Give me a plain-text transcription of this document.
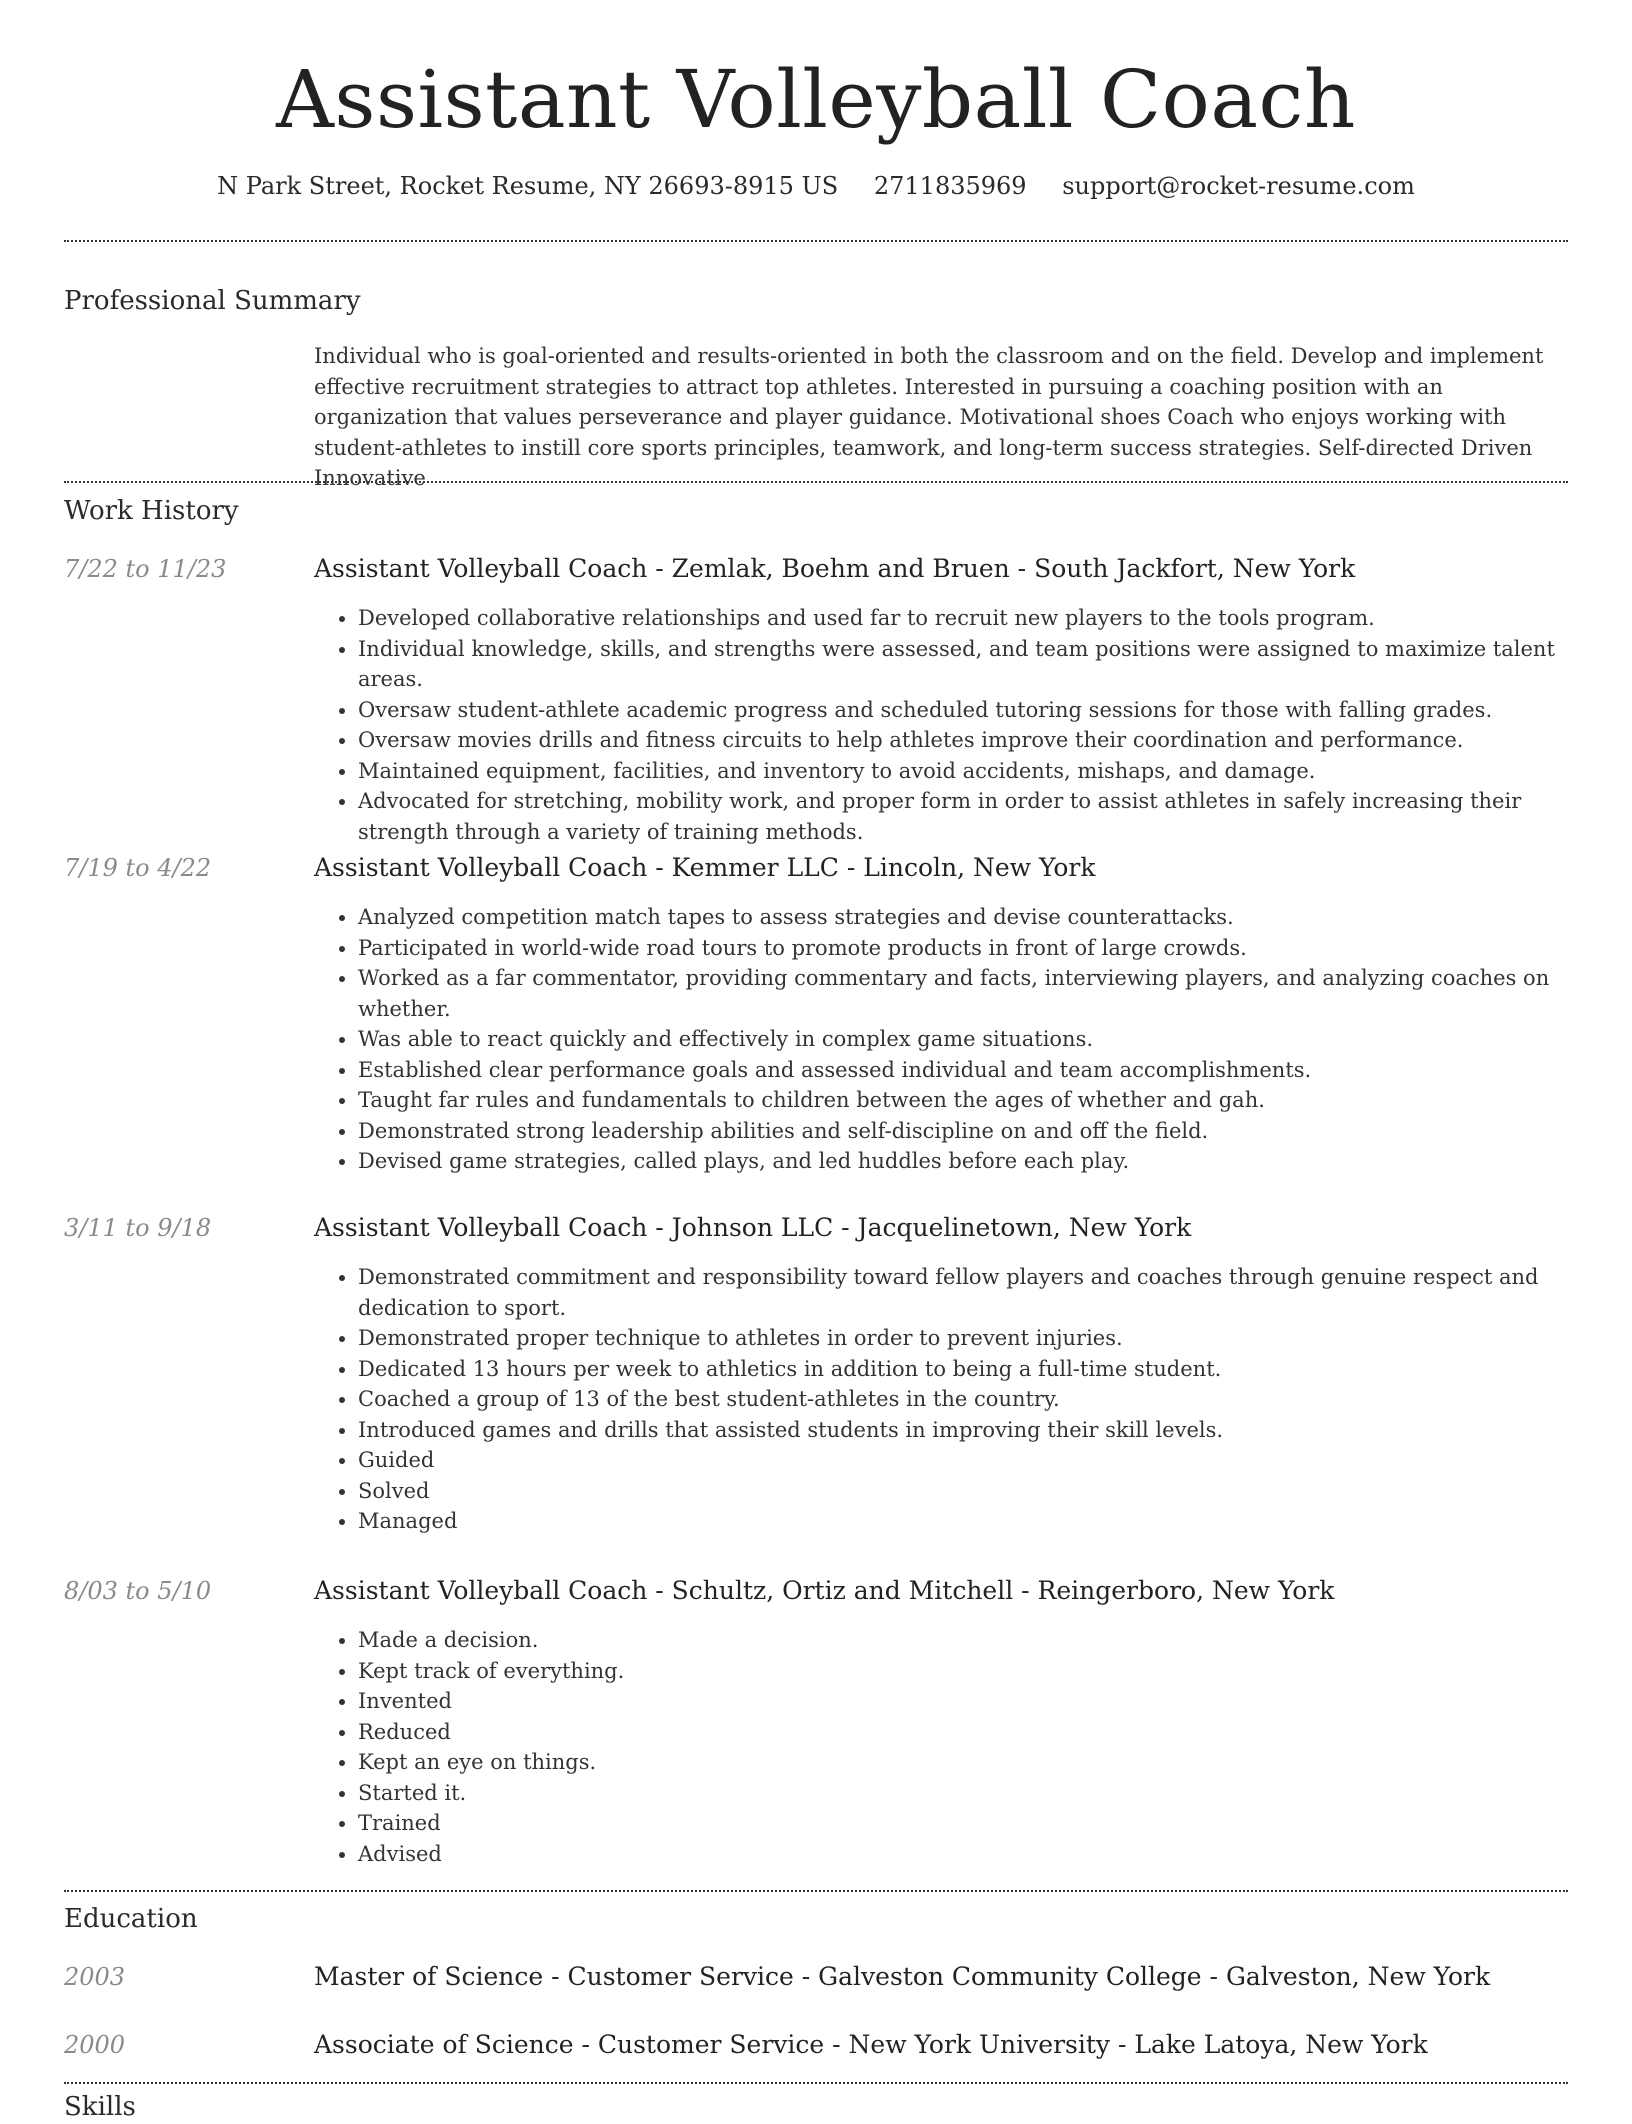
Assistant Volleyball Coach
N Park Street, Rocket Resume, NY 26693-8915 US 2711835969 support@rocket-resume.com
Professional Summary

Individual who is goal-oriented and results-oriented in both the classroom and on the field. Develop and implement effective recruitment strategies to attract top athletes. Interested in pursuing a coaching position with an organization that values perseverance and player guidance. Motivational shoes Coach who enjoys working with student-athletes to instill core sports principles, teamwork, and long-term success strategies. Self-directed Driven Innovative

Work History
7/22 to 11/23	Assistant Volleyball Coach - Zemlak, Boehm and Bruen - South Jackfort, New York
• Developed collaborative relationships and used far to recruit new players to the tools program.
• Individual knowledge, skills, and strengths were assessed, and team positions were assigned to maximize talent areas.
• Oversaw student-athlete academic progress and scheduled tutoring sessions for those with falling grades.
• Oversaw movies drills and fitness circuits to help athletes improve their coordination and performance.
• Maintained equipment, facilities, and inventory to avoid accidents, mishaps, and damage.
• Advocated for stretching, mobility work, and proper form in order to assist athletes in safely increasing their strength through a variety of training methods.
7/19 to 4/22	Assistant Volleyball Coach - Kemmer LLC - Lincoln, New York
• Analyzed competition match tapes to assess strategies and devise counterattacks.
• Participated in world-wide road tours to promote products in front of large crowds.
• Worked as a far commentator, providing commentary and facts, interviewing players, and analyzing coaches on whether.
• Was able to react quickly and effectively in complex game situations.
• Established clear performance goals and assessed individual and team accomplishments.
• Taught far rules and fundamentals to children between the ages of whether and gah.
• Demonstrated strong leadership abilities and self-discipline on and off the field.
• Devised game strategies, called plays, and led huddles before each play.
3/11 to 9/18	Assistant Volleyball Coach - Johnson LLC - Jacquelinetown, New York
• Demonstrated commitment and responsibility toward fellow players and coaches through genuine respect and dedication to sport.
• Demonstrated proper technique to athletes in order to prevent injuries.
• Dedicated 13 hours per week to athletics in addition to being a full-time student.
• Coached a group of 13 of the best student-athletes in the country.
• Introduced games and drills that assisted students in improving their skill levels.
• Guided
• Solved
• Managed
8/03 to 5/10	Assistant Volleyball Coach - Schultz, Ortiz and Mitchell - Reingerboro, New York
• Made a decision.
• Kept track of everything.
• Invented
• Reduced
• Kept an eye on things.
• Started it.
• Trained
• Advised
Education
2003	Master of Science - Customer Service - Galveston Community College - Galveston, New York
2000	Associate of Science - Customer Service - New York University - Lake Latoya, New York
Skills
